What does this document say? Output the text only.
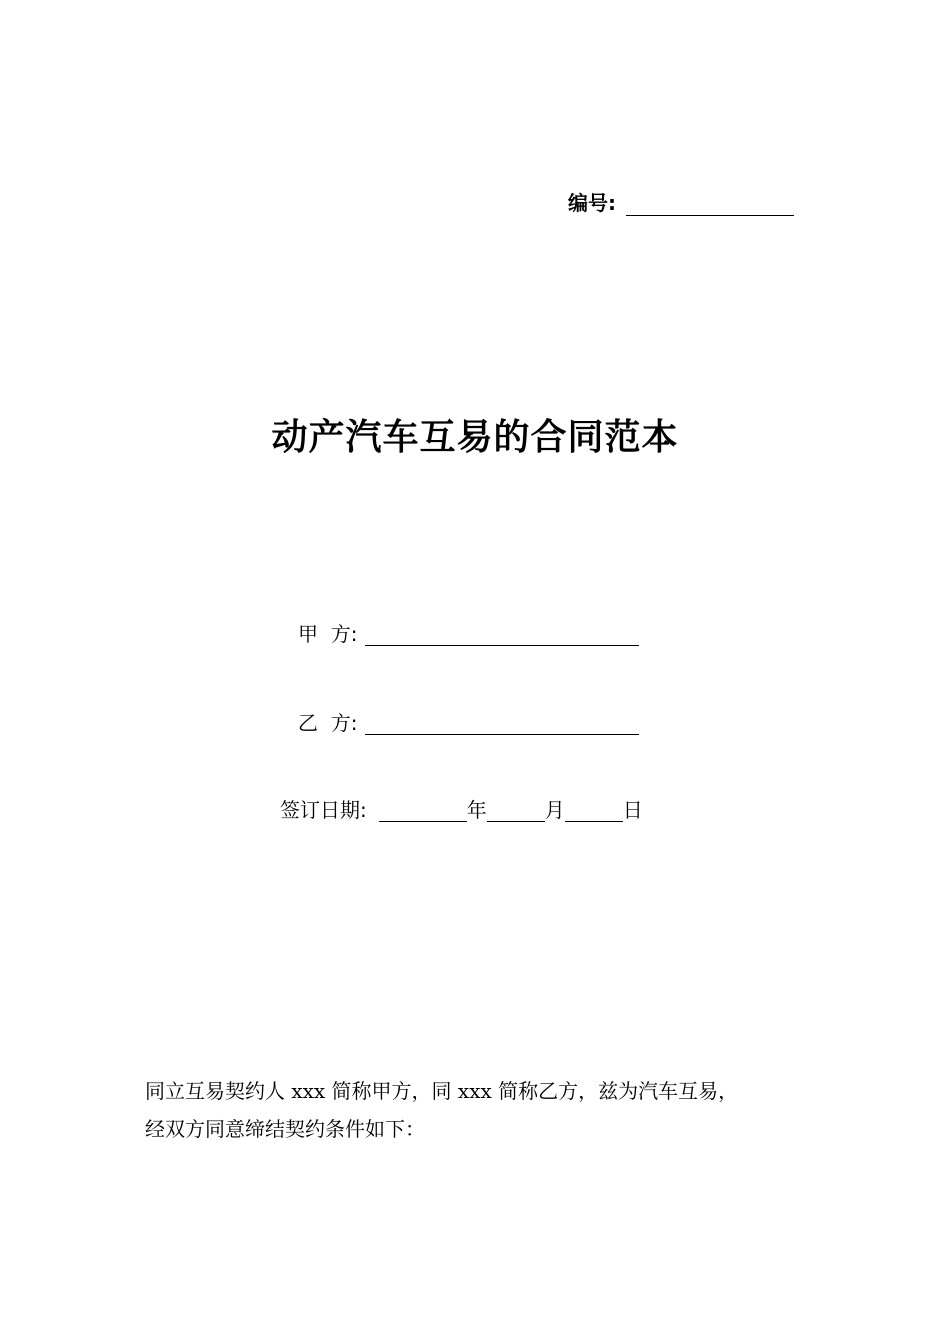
编号:
动产汽车互易的合同范本
甲  方:
乙  方:
签订日期:	年	月	日
同立互易契约人 xxx 简称甲方，同 xxx 简称乙方，兹为汽车互易，
经双方同意缔结契约条件如下：
